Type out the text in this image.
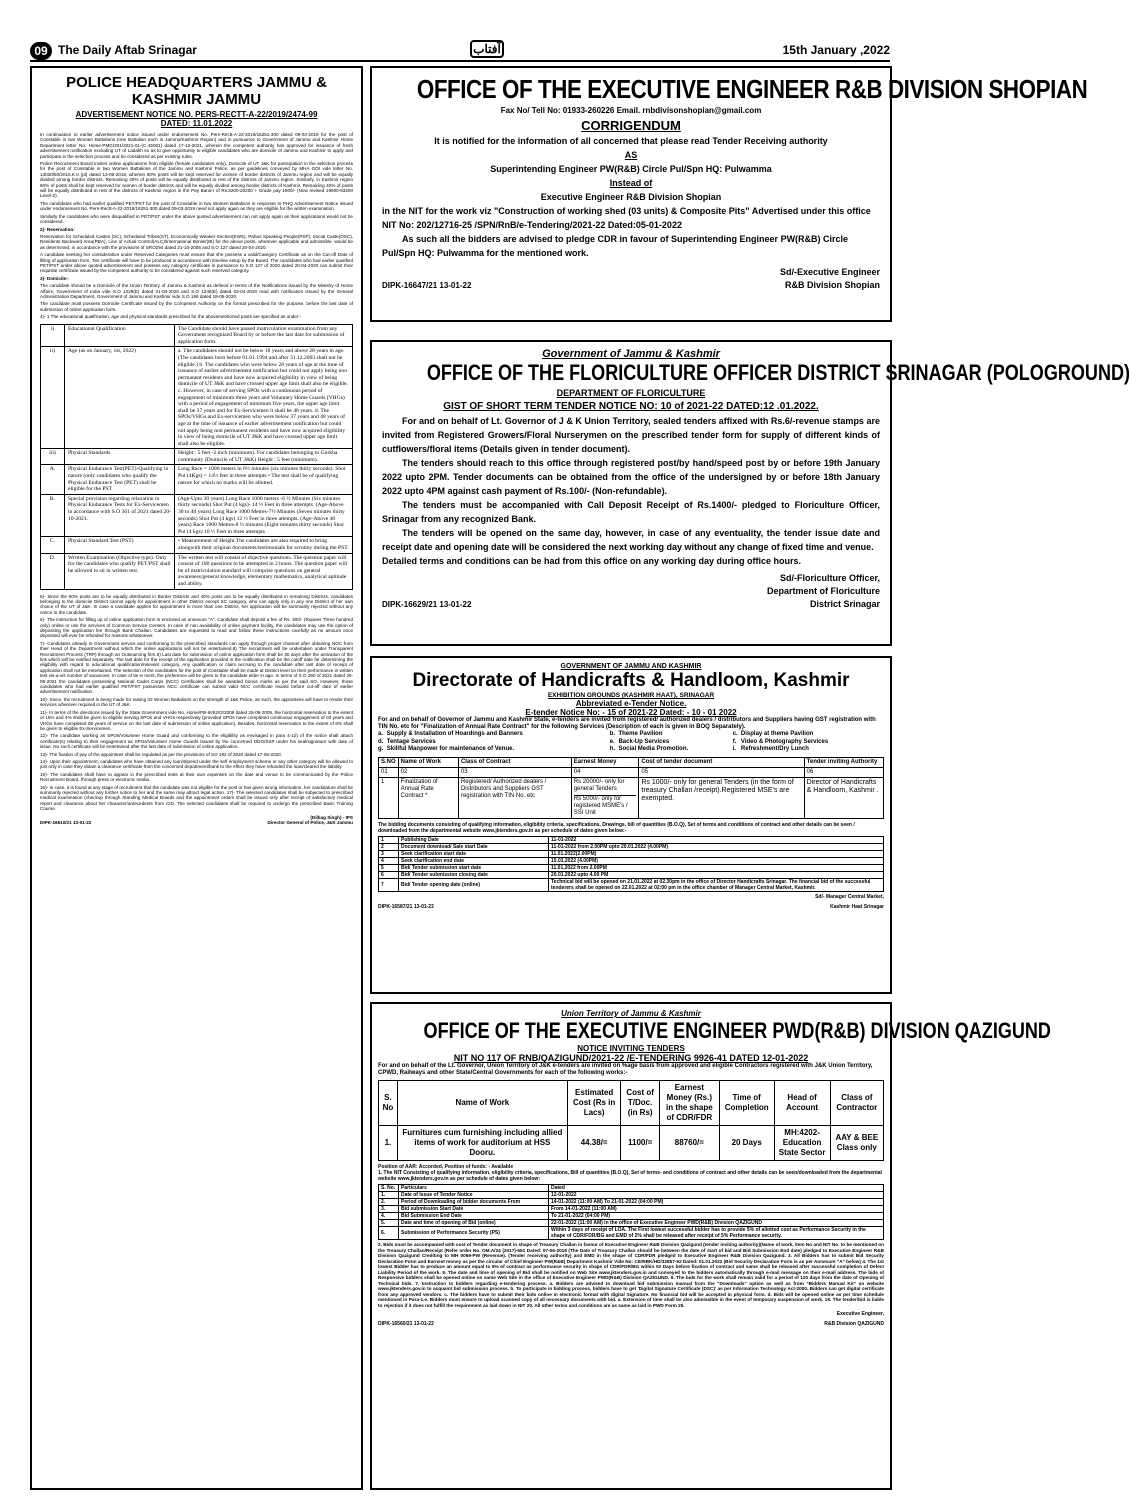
09 The Daily Aftab Srinagar	آفتاب	15th January ,2022
POLICE HEADQUARTERS JAMMU & KASHMIR JAMMU
ADVERTISEMENT NOTICE NO. PERS-RECTT-A-22/2019/2474-99
DATED: 11.01.2022

In continuation to earlier advertisement notice issued under endorsement No. Pers-Rectt-A-22-2019/16251-300 dated 09-03-2019 for the post of Constable in two Women Battalions (one Battalion each in Jammu/Kashmir Region) and in pursuance to Government of Jammu and Kashmir Home Department letter No. Home-PMG/201/2021-01-(C-45001) dated 17-12-2021, wherein the competent authority has approved for issuance of fresh advertisement notification excluding UT of Ladakh so as to give opportunity to eligible candidates who are domicile of Jammu and Kashmir to apply and participate in the selection process and be considered as per existing rules.

Police Recruitment Board invites online applications from eligible (female candidates only), Domicile of UT J&K for participation in the selection process for the post of Constable in two Women Battalions of the Jammu and Kashmir Police, as per guidelines conveyed by MHA GOI vide letter No. 13030/50/2015.K.II (pt) dated 13-06-2018, wherein 60% posts will be kept reserved for women of border districts of Jammu region and will be equally divided among border districts. Remaining 40% of posts will be equally distributed to rest of the districts of Jammu region. Similarly, in Kashmir region 60% of posts shall be kept reserved for women of border districts and will be equally divided among border districts of Kashmir. Remaining 40% of posts will be equally distributed in rest of the districts of Kashmir region in the Pay Band-I of Rs.5200-20200 + Grade pay 1900/- (Now revised 19900-63200 Level-2).

The candidates who had earlier qualified PET/PST for the post of Constable in two Women Battalions in response to PHQ Advertisement Notice issued under endorsement No. Pers-Rectt-A-22-2019/16251-300 dated 09-03-2019 need not apply again as they are eligible for the written examination.

Similarly the candidates who were disqualified in PET/PST under the above quoted advertisement can not apply again as their applications would not be considered.

2)- Reservation:

Reservation for Scheduled Castes (SC), Scheduled Tribes(ST), Economically Weaker Section(EWS), Pahari Speaking People(PSP), Social Caste(OSC), Residents Backward Area(RBA), Line of Actual Control(ALC)/International Border(IB) for the above posts, wherever applicable and admissible, would be as determined, in accordance with the provisions of SRO294 dated 21-10-2005 and S.O 127 dated 20-04-2020.

A candidate seeking her consideration under Reserved Categories must ensure that she possess a valid/Category Certificate as on the Cut-off Date of filling of application form, Tire certificate will have to be produced in accordance with timeline setup by the Board. The candidates who had earlier qualified PET/PST under above quoted advertisement and possess any category certificate in pursuance to S.O 127 of 2020 dated 20-04-2020 can submit their requisite certificate issued by the competent authority to be considered against such reserved category.

3)- Domicile:-

The candidate should be a Domicile of the Union Territory of Jammu & Kashmir as defined in terms of the Notifications issued by the Ministry of Home Affairs, Government of India vide S.O 1229(E) dated 31-03-2020 and S.O 1245(E) dated 03-04-2020 read with notification issued by the General Administration Department, Government of Jammu and Kashmir vide S.O 166 dated 18-05-2020.

The candidate must possess Domicile Certificate issued by the Competent Authority on the format prescribed for the purpose, before the last date of submission of online application form.

4)- 1 The educational qualification, age and physical standards prescribed for the abovementioned posts are specified as under:-

i)	Educational Qualification	The Candidate should have passed matriculation examination from any Government recognized Board by or before the last date for submission of application form.
ii)	Age (as on January, 1st, 2022)	a. The candidates should not be below 18 years and above 28 years in age. (The candidates born before 01.01.1994 and after 31.12.2003 shall not be eligible.) b. The candidates who were below 28 years of age at the time of issuance of earlier advertisement notification but could not apply being non permanent residents and have now acquired eligibility in view of being domicile of UT J&K and have crossed upper age limit shall also be eligible. c. However, in case of serving SPOs with a continuous period of engagement of minimum three years and Voluntary Home Guards (VHGs) with a period of engagement of minimum five years, the upper age limit shall be 37 years and for Ex-Servicemen it shall be 48 years. d. The SPOs/VHGs and Ex-servicemen who were below 37 years and 48 years of age at the time of issuance of earlier advertisement notification but could not apply being non permanent residents and have now acquired eligibility in view of being domicile of UT J&K and have crossed upper age limit shall also be eligible.
iii)	Physical Standards	Height : 5 feet -2 inch (minimum). For candidates belonging to Gorkha community (Domicile of UT J&K) Height : 5 feet (minimum).
A.	Physical Endurance Test(PET)-Qualifying in nature (only candidates who qualify the Physical Endurance Test (PET) shall be eligible for the PST	Long Race = 1000 meters in 6½ minutes (six minutes thirty seconds). Shot Put (4Kgs) = 14½ feet in three attempts • The test shall be of qualifying nature for which no marks will be allotted.
B.	Special provision regarding relaxation in Physical Endurance Tests for Ex-Servicemen in accordance with S.O 361 of 2021 dated 20-10-2021.	(Age-Upto 30 years) Long Race 1000 meters -6 ½ Minutes (Six minutes thirty seconds) Shot Put (4 kgs)- 14 ½ Feet in three attempts. (Age-Above 30 to 40 years) Long Race 1000 Metres-7½ Minutes (Seven minutes thirty seconds) Shot Put (4 kgs) 12 ½ Feet in three attempts. (Age-Above 40 years) Race 1000 Metres-8 ½ minutes (Eight minutes thirty seconds) Shot Put (4 kgs) 10 ½ Feet in three attempts
C.	Physical Standard Test (PST)	• Measurement of Height The candidates are also required to bring alongwith their original documents/testimonials for scrutiny during the PST.
D.	Written Examination (Objective type). Only for the candidates who qualify PET/PST shall be allowed to sit in written test.	The written test will consist of objective questions. The question paper will consist of 100 questions to be attempted in 2 hours. The question paper will be of matriculation standard will comprise questions on general awareness/general knowledge, elementary mathematics, analytical aptitude and ability.

5)- Since the 60% posts are to be equally distributed in Border Districts and 40% posts are to be equally distributed in remaining Districts, candidates belonging to the domicile District cannot apply for appointment in other District except SC category, who can apply only in any one District of her own choice of the UT of J&K. In case a candidate applies for appointment in more than one District, her application will be summarily rejected without any notice to the candidate.

6)- The instruction for filling up of online application form is enclosed as annexure "A". Candidate shall deposit a fee of Rs. 300/- (Rupees Three hundred only) online or use the services of Common Service Centers. In case of non availability of online payment facility, the candidates may use the option of depositing the application fee through Bank Challan. Candidates are requested to read and follow these instructions carefully as no amount once deposited will ever be refunded for reasons whatsoever.

7)- Candidates already in Government service and conforming to the prescribed standards can apply through proper channel after obtaining NOC from their Head of the Department without which the online applications will not be entertained.8) The recruitment will be undertaken under Transparent Recruitment Process (TRP) through an Outsourcing firm.9) Last date for submission of online application form shall be 30 days after the activation of the link which will be notified separately. The last date for the receipt of the application provided in the notification shall be the cutoff date for determining the eligibility with regard to educational qualification/relevant category. Any qualification or claim accruing to the candidate after last date of receipt of application shall not be entertained. The selection of the candidates for the post of Constable shall be made at District level on their performance in written test vis-a-vis number of vacancies. In case of tie in merit, the preference will be given to the candidate elder in age. In terms of S.O 290 of 2021 dated 20-08-2021 the candidates possessing National Cadet Corps (NCC) Certificates shall be awarded bonus marks as per the said SO. However, those candidates who had earlier qualified PET/PST possesses NCC certificate can submit valid NCC certificate issued before cut-off date of earlier advertisement notification.

10)- Since, the recruitment is being made for raising 02 Women Battalions on the strength of J&K Police, as such, the appointees will have to render their services wherever required in the UT of J&K.

11)- In terms of the directions issued by the State Government vide No. Home/PB-III/62/G/2008 dated 25-09-2009, the horizontal reservation to the extent of 15% and 4% shall be given to eligible serving SPOs and VHGs respectively (provided SPOs have completed continuous engagement of 03 years and VHGs have completed 05 years of service on the last date of submission of online application). Besides, horizontal reservation to the extent of 6% shall be given to eligible Ex-Servicemen.

12)- The candidate working as SPOs/Volunteer Home Guard and conforming to the eligibility as envisaged in para 4-1(i) of the notice shall attach certificate(s) relating to their engagement as SPOs/Volunteer Home Guards issued by the concerned DDO/SSP under his seal/signature with date of issue. No such certificate will be entertained after the last date of submission of online application.

13)- The fixation of pay of the appointees shall be regulated as per the provisions of SO 192 of 2020 dated 17-06-2020.

14)- Upon their appointment, candidates who have obtained any loan/stipend under the self employment scheme or any other category will be allowed to join only in case they obtain a clearance certificate from the concerned department/bank to the effect they have refunded the loan/cleared the liability.

15)- The candidates shall have to appear in the prescribed tests at their own expenses on the date and venue to be communicated by the Police Recruitment Board, through press or electronic media.

16)- In case, it is found at any stage of recruitment that the candidate was not eligible for the post or has given wrong information, her candidature shall be summarily rejected without any further notice to her and the same may attract legal action. 17)- The selected candidates shall be subjected to prescribed medical examination (checkup through Standing Medical Boards and the appointment orders shall be issued only after receipt of satisfactory medical report and clearance about her character/antecedents from CID. The selected candidates shall be required to undergo the prescribed Basic Training Course.

(Dilbag Singh) - IPS
DIPK-16610/21 13-01-22	Director General of Police, J&K Jammu
OFFICE OF THE EXECUTIVE ENGINEER R&B DIVISION SHOPIAN
Fax No/ Tell No: 01933-260226 Email. rnbdivisonshopian@gmail.com
CORRIGENDUM
It is notified for the information of all concerned that please read Tender Receiving authority
AS
Superintending Engineer PW(R&B) Circle Pul/Spn HQ: Pulwamma
Instead of
Executive Engineer R&B Division Shopian
in the NIT for the work viz "Construction of working shed (03 units) & Composite Pits" Advertised under this office NIT No: 202/12716-25 /SPN/RnB/e-Tendering/2021-22 Dated:05-01-2022
As such all the bidders are advised to pledge CDR in favour of Superintending Engineer PW(R&B) Circle Pul/Spn HQ: Pulwamma for the mentioned work.
Sd/-Executive Engineer
DIPK-16647/21 13-01-22	R&B Division Shopian
Government of Jammu & Kashmir
OFFICE OF THE FLORICULTURE OFFICER DISTRICT SRINAGAR (POLOGROUND)
DEPARTMENT OF FLORICULTURE
GIST OF SHORT TERM TENDER NOTICE NO: 10 of 2021-22 DATED:12 .01.2022.
For and on behalf of Lt. Governor of J & K Union Territory, sealed tenders affixed with Rs.6/-revenue stamps are invited from Registered Growers/Floral Nurserymen on the prescribed tender form for supply of different kinds of cutflowers/floral items (Details given in tender document).
The tenders should reach to this office through registered post/by hand/speed post by or before 19th January 2022 upto 2PM. Tender documents can be obtained from the office of the undersigned by or before 18th January 2022 upto 4PM against cash payment of Rs.100/- (Non-refundable).
The tenders must be accompanied with Call Deposit Receipt of Rs.1400/- pledged to Floriculture Officer, Srinagar from any recognized Bank.
The tenders will be opened on the same day, however, in case of any eventuality, the tender issue date and receipt date and opening date will be considered the next working day without any change of fixed time and venue.
Detailed terms and conditions can be had from this office on any working day during office hours.
Sd/-Floriculture Officer,
Department of Floriculture
DIPK-16629/21 13-01-22	District Srinagar
GOVERNMENT OF JAMMU AND KASHMIR
Directorate of Handicrafts & Handloom, Kashmir
EXHIBITION GROUNDS (KASHMIR HAAT), SRINAGAR
Abbreviated e-Tender Notice.
E-tender Notice No: - 15 of 2021-22 Dated: - 10 - 01 2022
For and on behalf of Governor of Jammu and Kashmir State, e-tenders are invited from registered/ authorized dealers / distributors and Suppliers having GST registration with TIN No. etc for "Finalization of Annual Rate Contract" for the following Services (Description of each is given in BOQ Separately).
a.	Supply & Installation of Hoardings and Banners	b.	Theme Pavilion	c.	Display at theme Pavilion
d.	Tentage Services	e.	Back-Up Services	f.	Video & Photography Services
g.	Skillful Manpower for maintenance of Venue.	h.	Social Media Promotion.	i.	Refreshment/Dry Lunch
S.NO	Name of Work	Class of Contract	Earnest Money	Cost of tender document	Tender inviting Authority
01	02	03	04	05	06
1	Finalization of Annual Rate Contract *	Registered/ Authorized dealers / Distributors and Suppliers GST registration with TIN No. etc	Rs 20000/- only for general Tenders
Rs 5000/- only for registered MSME's / SSI Unit	Rs 1000/- only for general Tenders (in the form of treasury Challan /receipt).Registered MSE's are exempted.	Director of Handicrafts & Handloom, Kashmir .
The bidding documents consisting of qualifying information, eligibility criteria, specifications, Drawings, bill of quantities (B.O.Q), Set of terms and conditions of contract and other details can be seen / downloaded from the departmental website www.jktenders.gov.in as per schedule of dates given below:-
1	Publishing Date	11-01-2022
2	Document download/ Sale start Date	11-01-2022 from 2.00PM upto 20.01.2022 (4.00PM)
3	Seek clarification start date	11.01.2022(2.00PM)
4	Seek clarification end date	15.01.2022 (4.00PM)
5	Bid/ Tender submission start date	11.01.2022 from 2.00PM
6	Bid/ Tender submission closing date	20.01.2022 upto 4.00 PM
7	Bid/ Tender opening date (online)	Technical bid will be opened on 21.01.2022 at 02.30pm in the office of Director Handicrafts Srinagar. The financial bid of the successful tenderers shall be opened on 22.01.2022 at 02:00 pm in the office chamber of Manager Central Market, Kashmir.
Sd/- Manager Central Market,
DIPK-16587/21 13-01-22	Kashmir Haat Srinagar
Union Territory of Jammu & Kashmir
OFFICE OF THE EXECUTIVE ENGINEER PWD(R&B) DIVISION QAZIGUND
NOTICE INVITING TENDERS
NIT NO 117 OF RNB/QAZIGUND/2021-22 /E-TENDERING 9926-41 DATED 12-01-2022
For and on behalf of the Lt. Governor, Union Territory of J&K e-tenders are invited on %age basis from approved and eligible Contractors registered with J&K Union Territory, CPWD, Railways and other State/Central Governments for each of the following works:-
S. No	Name of Work	Estimated Cost (Rs in Lacs)	Cost of T/Doc. (in Rs)	Earnest Money (Rs.) in the shape of CDR/FDR	Time of Completion	Head of Account	Class of Contractor
1.	Furnitures cum furnishing including allied items of work for auditorium at HSS Dooru.	44.38/=	1100/=	88760/=	20 Days	MH:4202-Education State Sector	AAY & BEE Class only
Position of AAR: Accorded, Position of funds: - Available
1. The NIT Consisting of qualifying information, eligibility criteria, specifications, Bill of quantities (B.O.Q), Set of terms- and conditions of contract and other details can be seen/downloaded from the departmental website www.jktenders.gov.in as per schedule of dates given below:
S. No.	Particulars	Dated
1.	Date of Issue of Tender Notice	12-01-2022
2.	Period of Downloading of bidder documents From	14-01-2022 (11:00 AM) To 21-01-2022 (04:00 PM)
3.	Bid submission Start Date	From 14-01-2022 (11:00 AM)
4.	Bid Submission End Date	To 21-01-2022 (04:00 PM)
5.	Date and time of opening of Bid (online)	22-01-2022 (11:00 AM) in the office of Executive Engineer PWD(R&B) Division QAZIGUND
6.	Submission of Performance Security (PS)	Within 3 days of receipt of LOA. The First lowest successful bidder has to provide 5% of allotted cost as Performance Security in the shape of CDR/FDR/BG and EMD of 2% shall be released after receipt of 5% Performance security.
2. Bids must be accompanied with cost of Tender document in shape of Treasury Challan in favour of Executive Engineer R&B Division Qazigund (tender inviting authority)(Name of work, item No and NIT No. to be mentioned on the Treasury Challan/Receipt (Refer order No. OM.A/24 (2017)-651 Dated: 07-06-2018 (The Date of Treasury Challan should be between the date of start of bid and Bid Submission End date) pledged to Executive Engineer R&B Division Qazigund Crediting to MH 0059-PW (Revenue). (Tender receiving authority) and EMD in the shape of CDR/FDR pledged to Executive Engineer R&B Division Qazigund. 3. All Bidders has to submit Bid Security Declaration Form and Earnest money as per the circular of Chief Engineer PW(R&B) Department Kashmir Vide No: CE/RBK/HD/32857-92 Dated: 01.01.2022 (Bid Security Declaration Form is as per Annexure "A" below) 4. The 1st lowest Bidder has to produce an amount equal to 5% of contract as performance security in shape of CDR/FDR/BG within 02 Days before fixation of contract and same shall be released after successful completion of Defect Liability Period of the work. 5. The date and time of opening of Bid shall be notified on Web Site www.jktenders.gov.in and conveyed to the bidders automatically through e-mail message on their e-mail address. The bids of Responsive bidders shall be opened online on same Web Site in the office of Executive Engineer PWD(R&B) Division QAZIGUND. 6. The bids for the work shall remain valid for a period of 120 days from the date of Opening of Technical bids. 7. Instruction to bidders regarding e-tendering process. a. Bidders are advised to download bid submission manual from the "Downloads" option as well as from "Bidders Manual Kit" on website www.jktenders.gov.in to acquaint bid submission process. b. To participate in bidding process, bidders have to get 'Digital Signature Certificate (DSC)' as per Information Technology Act-2000. Bidders can get digital certificate from any approved vendors. c. The bidders have to submit their bids online in electronic format with digital Signature. No financial bid will be accepted in physical form. d. Bids will be opened online as per time schedule mentioned in Para-1.e. Bidders must ensure to upload scanned copy of all necessary documents with bid. a. Extension of time shall be also admissible in the event of temporary suspension of work. 19. The tender/bid is liable to rejection if it does not fulfill the requirement as laid down in NIT 20. All other terms and conditions are as same as laid in PWD Form 25.
Executive Engineer,
DIPK-16560/21 13-01-22	R&B Division QAZIGUND
